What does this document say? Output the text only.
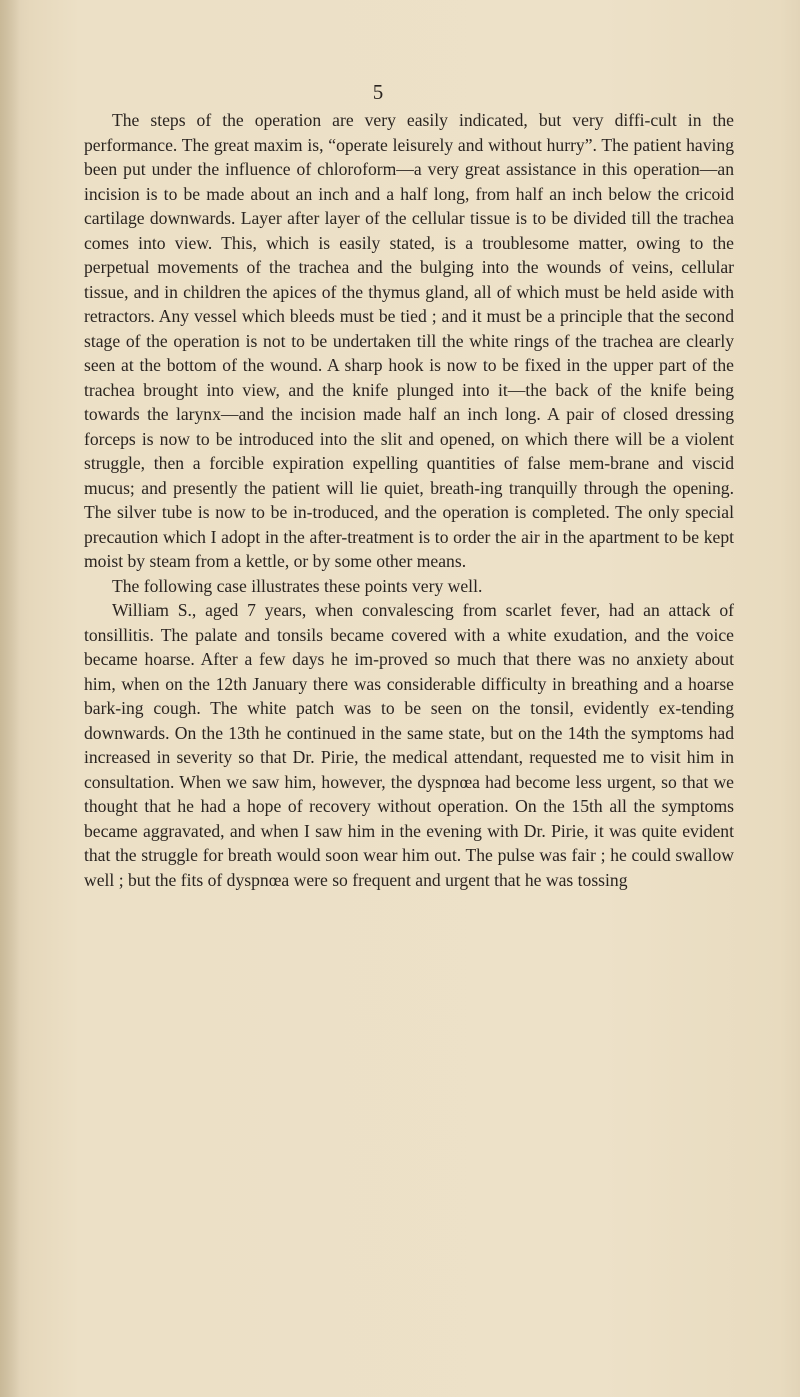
5

The steps of the operation are very easily indicated, but very diffi-cult in the performance. The great maxim is, “operate leisurely and without hurry”. The patient having been put under the influence of chloroform—a very great assistance in this operation—an incision is to be made about an inch and a half long, from half an inch below the cricoid cartilage downwards. Layer after layer of the cellular tissue is to be divided till the trachea comes into view. This, which is easily stated, is a troublesome matter, owing to the perpetual movements of the trachea and the bulging into the wounds of veins, cellular tissue, and in children the apices of the thymus gland, all of which must be held aside with retractors. Any vessel which bleeds must be tied ; and it must be a principle that the second stage of the operation is not to be undertaken till the white rings of the trachea are clearly seen at the bottom of the wound. A sharp hook is now to be fixed in the upper part of the trachea brought into view, and the knife plunged into it—the back of the knife being towards the larynx—and the incision made half an inch long. A pair of closed dressing forceps is now to be introduced into the slit and opened, on which there will be a violent struggle, then a forcible expiration expelling quantities of false mem-brane and viscid mucus; and presently the patient will lie quiet, breath-ing tranquilly through the opening. The silver tube is now to be in-troduced, and the operation is completed. The only special precaution which I adopt in the after-treatment is to order the air in the apartment to be kept moist by steam from a kettle, or by some other means.

The following case illustrates these points very well.

William S., aged 7 years, when convalescing from scarlet fever, had an attack of tonsillitis. The palate and tonsils became covered with a white exudation, and the voice became hoarse. After a few days he im-proved so much that there was no anxiety about him, when on the 12th January there was considerable difficulty in breathing and a hoarse bark-ing cough. The white patch was to be seen on the tonsil, evidently ex-tending downwards. On the 13th he continued in the same state, but on the 14th the symptoms had increased in severity so that Dr. Pirie, the medical attendant, requested me to visit him in consultation. When we saw him, however, the dyspnœa had become less urgent, so that we thought that he had a hope of recovery without operation. On the 15th all the symptoms became aggravated, and when I saw him in the evening with Dr. Pirie, it was quite evident that the struggle for breath would soon wear him out. The pulse was fair ; he could swallow well ; but the fits of dyspnœa were so frequent and urgent that he was tossing
